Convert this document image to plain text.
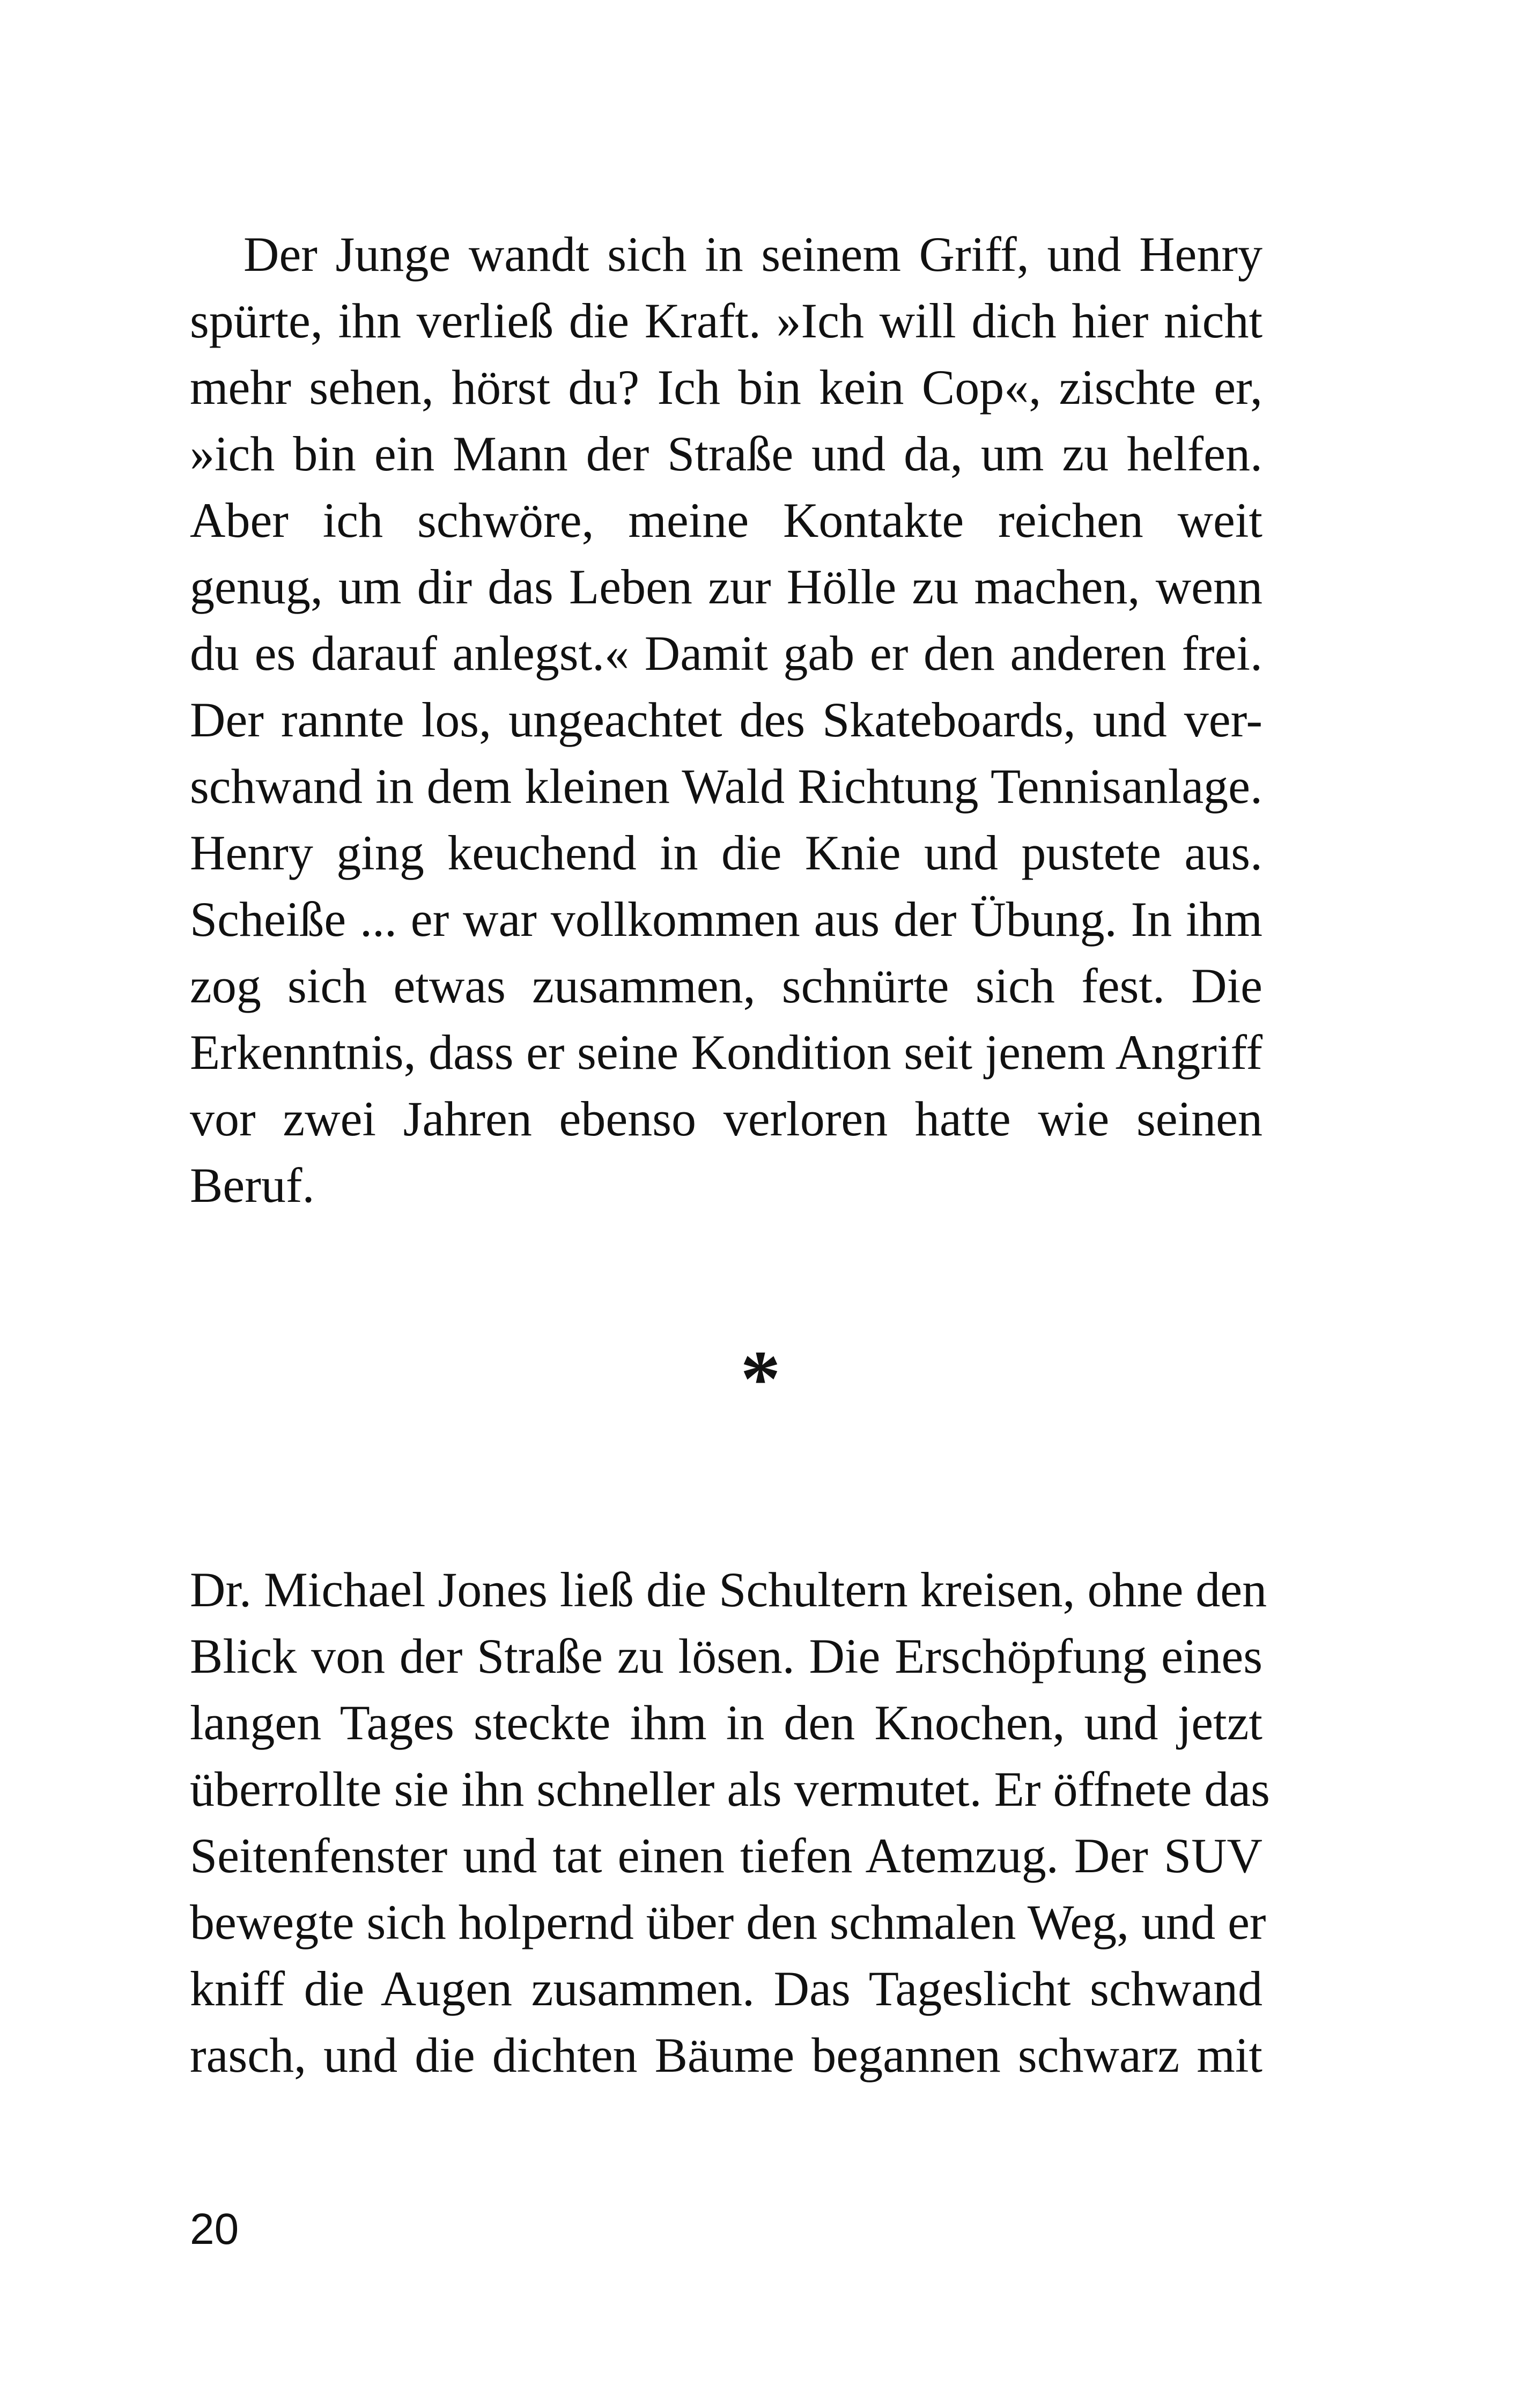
Der Junge wandt sich in seinem Griff, und Henry
spürte, ihn verließ die Kraft. »Ich will dich hier nicht
mehr sehen, hörst du? Ich bin kein Cop«, zischte er,
»ich bin ein Mann der Straße und da, um zu helfen.
Aber ich schwöre, meine Kontakte reichen weit
genug, um dir das Leben zur Hölle zu machen, wenn
du es darauf anlegst.« Damit gab er den anderen frei.
Der rannte los, ungeachtet des Skateboards, und ver-
schwand in dem kleinen Wald Richtung Tennisanlage.
Henry ging keuchend in die Knie und pustete aus.
Scheiße ... er war vollkommen aus der Übung. In ihm
zog sich etwas zusammen, schnürte sich fest. Die
Erkenntnis, dass er seine Kondition seit jenem Angriff
vor zwei Jahren ebenso verloren hatte wie seinen
Beruf.
*
Dr. Michael Jones ließ die Schultern kreisen, ohne den
Blick von der Straße zu lösen. Die Erschöpfung eines
langen Tages steckte ihm in den Knochen, und jetzt
überrollte sie ihn schneller als vermutet. Er öffnete das
Seitenfenster und tat einen tiefen Atemzug. Der SUV
bewegte sich holpernd über den schmalen Weg, und er
kniff die Augen zusammen. Das Tageslicht schwand
rasch, und die dichten Bäume begannen schwarz mit
20
